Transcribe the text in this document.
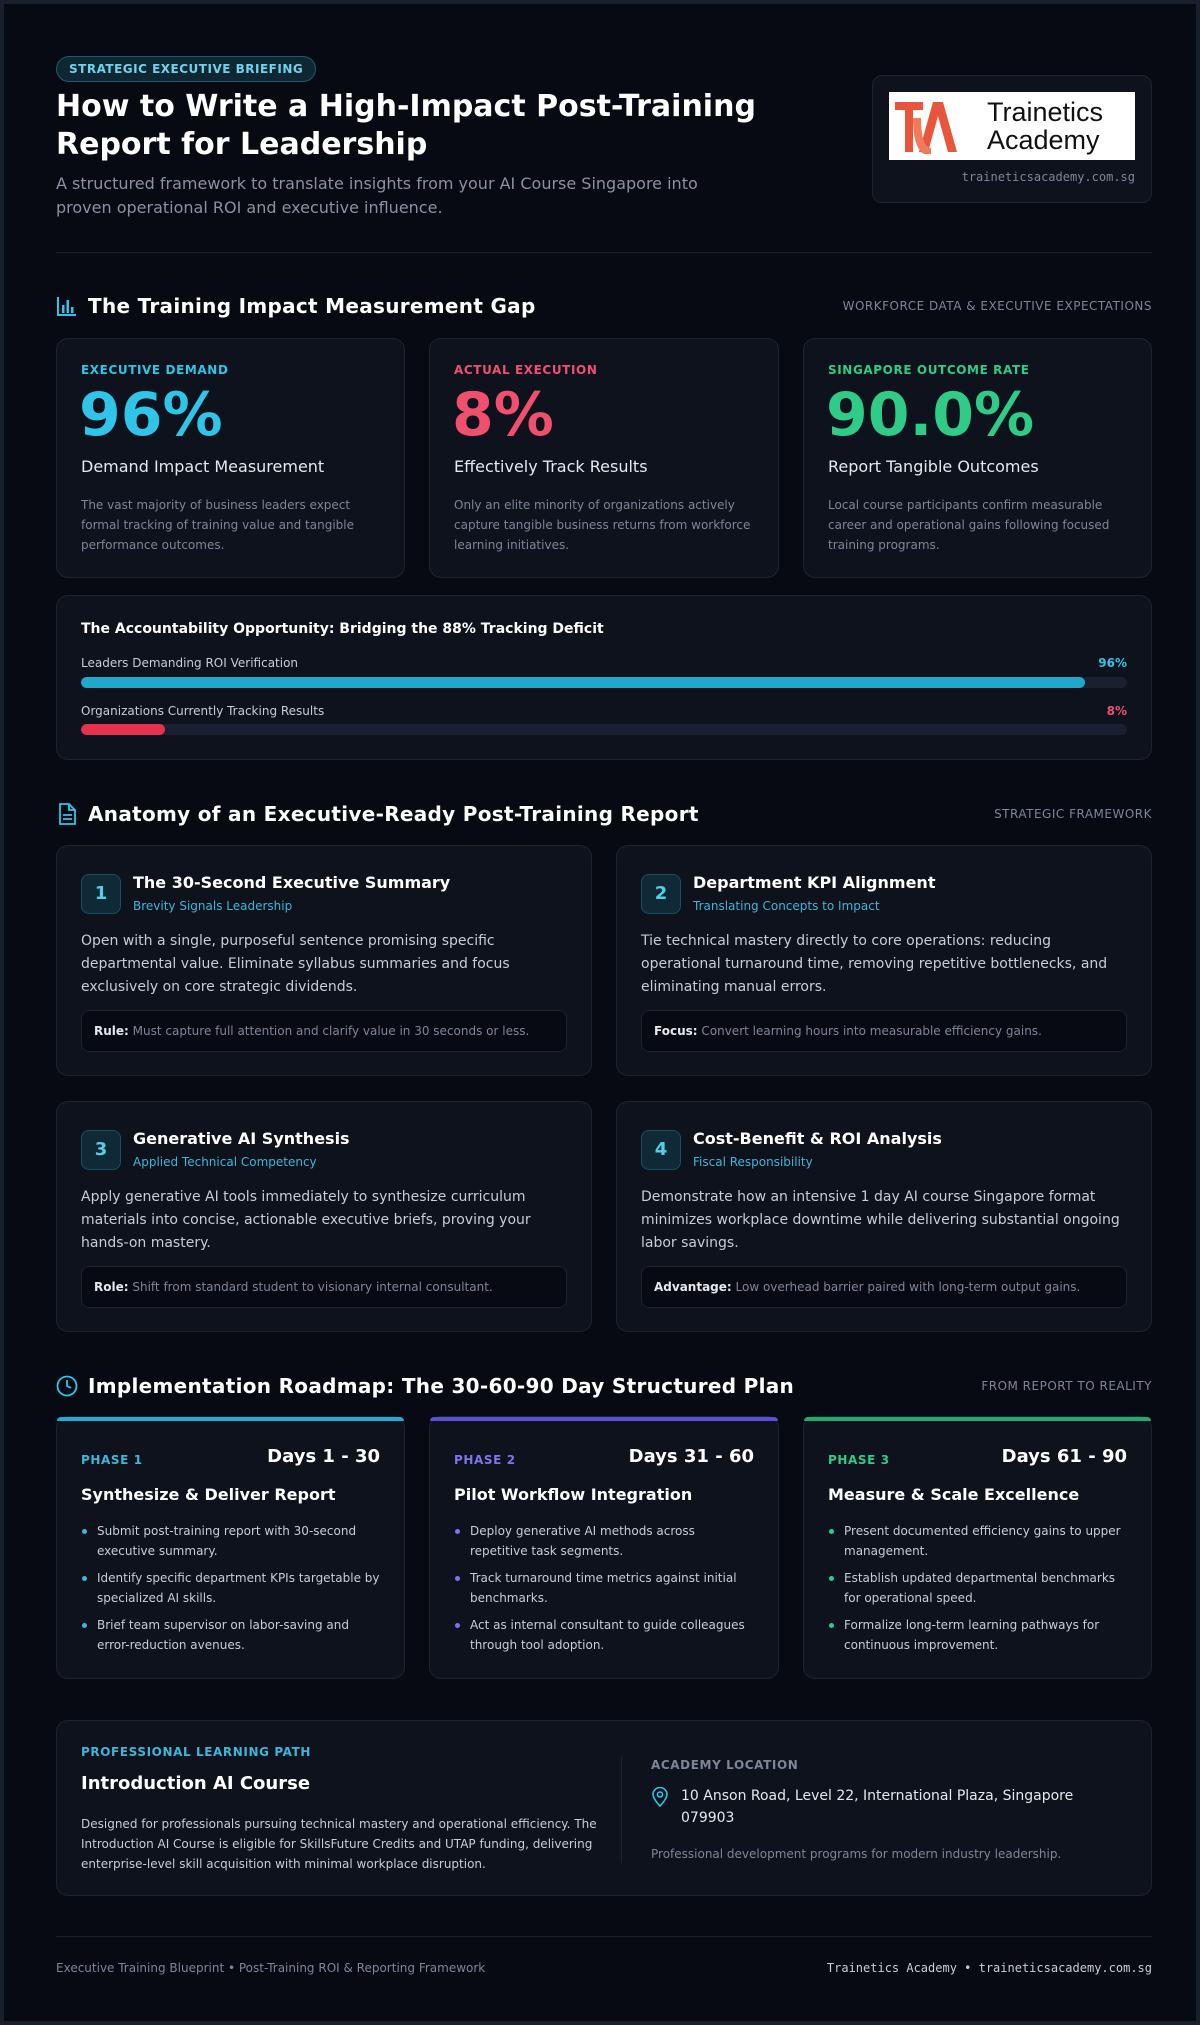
STRATEGIC EXECUTIVE BRIEFING
How to Write a High-Impact Post-Training Report for Leadership
A structured framework to translate insights from your AI Course Singapore into proven operational ROI and executive influence.
Trainetics Academy
traineticsacademy.com.sg
The Training Impact Measurement Gap	WORKFORCE DATA & EXECUTIVE EXPECTATIONS
EXECUTIVE DEMAND
96%
Demand Impact Measurement
The vast majority of business leaders expect formal tracking of training value and tangible performance outcomes.
ACTUAL EXECUTION
8%
Effectively Track Results
Only an elite minority of organizations actively capture tangible business returns from workforce learning initiatives.
SINGAPORE OUTCOME RATE
90.0%
Report Tangible Outcomes
Local course participants confirm measurable career and operational gains following focused training programs.
The Accountability Opportunity: Bridging the 88% Tracking Deficit
Leaders Demanding ROI Verification	96%
Organizations Currently Tracking Results	8%
Anatomy of an Executive-Ready Post-Training Report	STRATEGIC FRAMEWORK
1
The 30-Second Executive Summary
Brevity Signals Leadership
Open with a single, purposeful sentence promising specific departmental value. Eliminate syllabus summaries and focus exclusively on core strategic dividends.
Rule: Must capture full attention and clarify value in 30 seconds or less.
2
Department KPI Alignment
Translating Concepts to Impact
Tie technical mastery directly to core operations: reducing operational turnaround time, removing repetitive bottlenecks, and eliminating manual errors.
Focus: Convert learning hours into measurable efficiency gains.
3
Generative AI Synthesis
Applied Technical Competency
Apply generative AI tools immediately to synthesize curriculum materials into concise, actionable executive briefs, proving your hands-on mastery.
Role: Shift from standard student to visionary internal consultant.
4
Cost-Benefit & ROI Analysis
Fiscal Responsibility
Demonstrate how an intensive 1 day AI course Singapore format minimizes workplace downtime while delivering substantial ongoing labor savings.
Advantage: Low overhead barrier paired with long-term output gains.
Implementation Roadmap: The 30-60-90 Day Structured Plan	FROM REPORT TO REALITY
PHASE 1	Days 1 - 30
Synthesize & Deliver Report
Submit post-training report with 30-second executive summary.
Identify specific department KPIs targetable by specialized AI skills.
Brief team supervisor on labor-saving and error-reduction avenues.
PHASE 2	Days 31 - 60
Pilot Workflow Integration
Deploy generative AI methods across repetitive task segments.
Track turnaround time metrics against initial benchmarks.
Act as internal consultant to guide colleagues through tool adoption.
PHASE 3	Days 61 - 90
Measure & Scale Excellence
Present documented efficiency gains to upper management.
Establish updated departmental benchmarks for operational speed.
Formalize long-term learning pathways for continuous improvement.
PROFESSIONAL LEARNING PATH
Introduction AI Course
Designed for professionals pursuing technical mastery and operational efficiency. The Introduction AI Course is eligible for SkillsFuture Credits and UTAP funding, delivering enterprise-level skill acquisition with minimal workplace disruption.
ACADEMY LOCATION
10 Anson Road, Level 22, International Plaza, Singapore 079903
Professional development programs for modern industry leadership.
Executive Training Blueprint • Post-Training ROI & Reporting Framework	Trainetics Academy • traineticsacademy.com.sg
